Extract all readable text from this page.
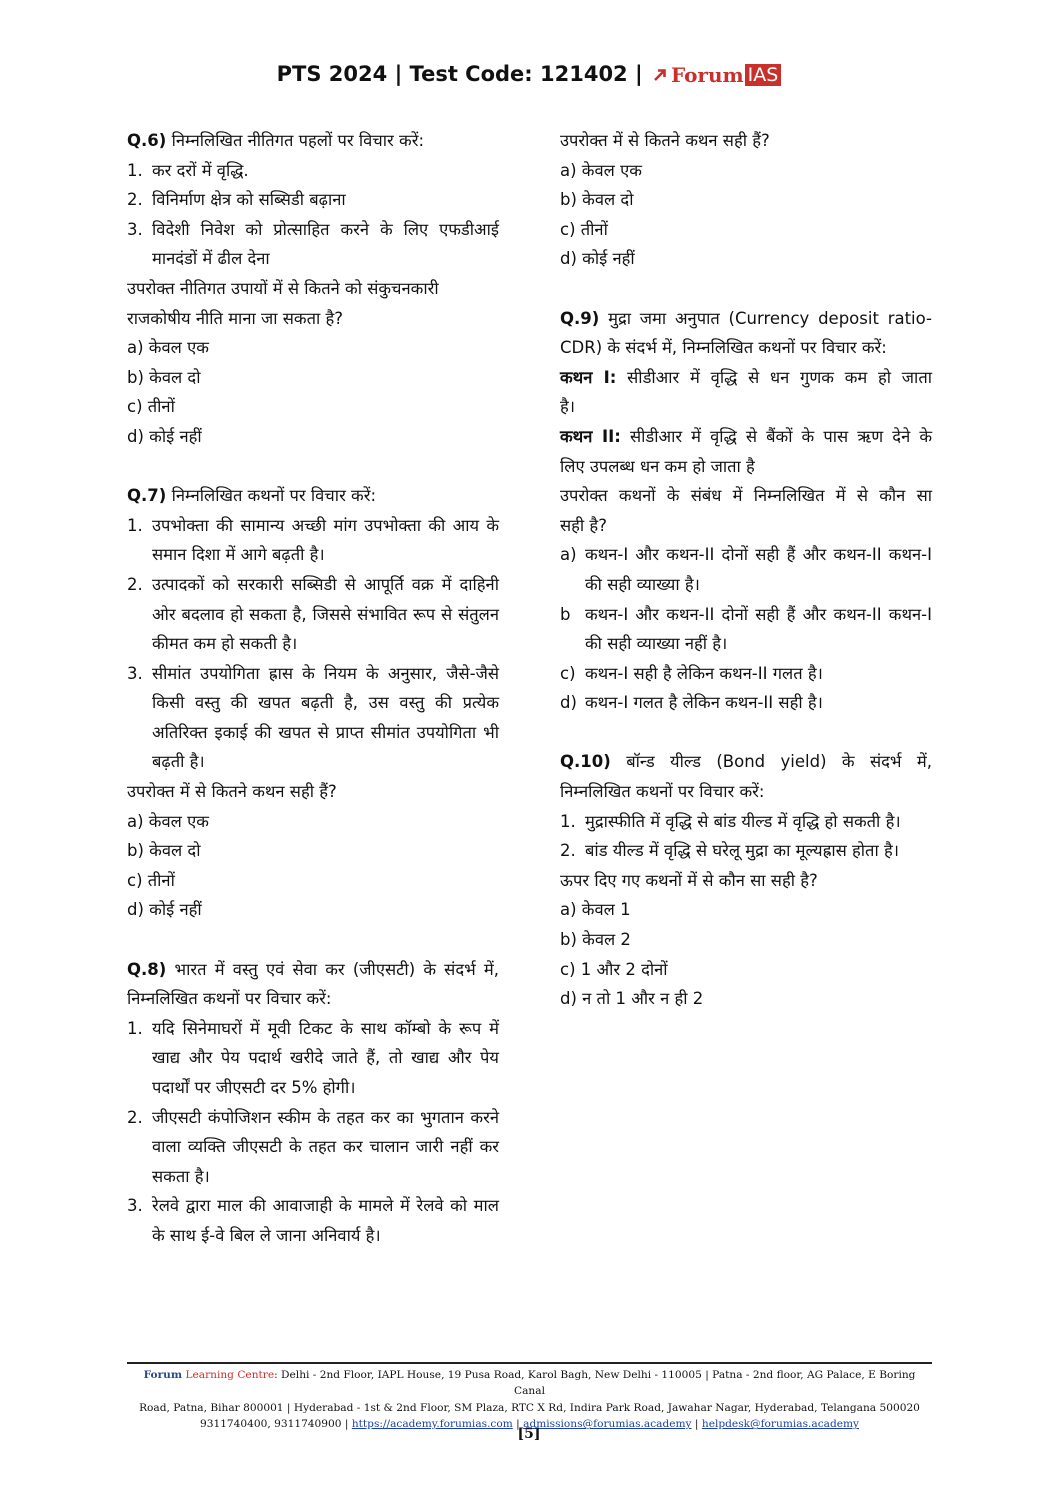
PTS 2024 | Test Code: 121402 | Forum IAS
Q.6) निम्नलिखित नीतिगत पहलों पर विचार करें:
1. कर दरों में वृद्धि.
2. विनिर्माण क्षेत्र को सब्सिडी बढ़ाना
3. विदेशी निवेश को प्रोत्साहित करने के लिए एफडीआई मानदंडों में ढील देना
उपरोक्त नीतिगत उपायों में से कितने को संकुचनकारी
राजकोषीय नीति माना जा सकता है?
a) केवल एक
b) केवल दो
c) तीनों
d) कोई नहीं
Q.7) निम्नलिखित कथनों पर विचार करें:
1. उपभोक्ता की सामान्य अच्छी मांग उपभोक्ता की आय के समान दिशा में आगे बढ़ती है।
2. उत्पादकों को सरकारी सब्सिडी से आपूर्ति वक्र में दाहिनी ओर बदलाव हो सकता है, जिससे संभावित रूप से संतुलन कीमत कम हो सकती है।
3. सीमांत उपयोगिता ह्रास के नियम के अनुसार, जैसे-जैसे किसी वस्तु की खपत बढ़ती है, उस वस्तु की प्रत्येक अतिरिक्त इकाई की खपत से प्राप्त सीमांत उपयोगिता भी बढ़ती है।
उपरोक्त में से कितने कथन सही हैं?
a) केवल एक
b) केवल दो
c) तीनों
d) कोई नहीं
Q.8) भारत में वस्तु एवं सेवा कर (जीएसटी) के संदर्भ में,
निम्नलिखित कथनों पर विचार करें:
1. यदि सिनेमाघरों में मूवी टिकट के साथ कॉम्बो के रूप में खाद्य और पेय पदार्थ खरीदे जाते हैं, तो खाद्य और पेय पदार्थों पर जीएसटी दर 5% होगी।
2. जीएसटी कंपोजिशन स्कीम के तहत कर का भुगतान करने वाला व्यक्ति जीएसटी के तहत कर चालान जारी नहीं कर सकता है।
3. रेलवे द्वारा माल की आवाजाही के मामले में रेलवे को माल के साथ ई-वे बिल ले जाना अनिवार्य है।
उपरोक्त में से कितने कथन सही हैं?
a) केवल एक
b) केवल दो
c) तीनों
d) कोई नहीं
Q.9) मुद्रा जमा अनुपात (Currency deposit ratio-
CDR) के संदर्भ में, निम्नलिखित कथनों पर विचार करें:
कथन I: सीडीआर में वृद्धि से धन गुणक कम हो जाता
है।
कथन II: सीडीआर में वृद्धि से बैंकों के पास ऋण देने के
लिए उपलब्ध धन कम हो जाता है
उपरोक्त कथनों के संबंध में निम्नलिखित में से कौन सा
सही है?
a) कथन-I और कथन-II दोनों सही हैं और कथन-II कथन-I की सही व्याख्या है।
b कथन-I और कथन-II दोनों सही हैं और कथन-II कथन-I की सही व्याख्या नहीं है।
c) कथन-I सही है लेकिन कथन-II गलत है।
d) कथन-I गलत है लेकिन कथन-II सही है।
Q.10) बॉन्ड यील्ड (Bond yield) के संदर्भ में,
निम्नलिखित कथनों पर विचार करें:
1. मुद्रास्फीति में वृद्धि से बांड यील्ड में वृद्धि हो सकती है।
2. बांड यील्ड में वृद्धि से घरेलू मुद्रा का मूल्यह्रास होता है।
ऊपर दिए गए कथनों में से कौन सा सही है?
a) केवल 1
b) केवल 2
c) 1 और 2 दोनों
d) न तो 1 और न ही 2
Forum Learning Centre: Delhi - 2nd Floor, IAPL House, 19 Pusa Road, Karol Bagh, New Delhi - 110005 | Patna - 2nd floor, AG Palace, E Boring Canal
Road, Patna, Bihar 800001 | Hyderabad - 1st & 2nd Floor, SM Plaza, RTC X Rd, Indira Park Road, Jawahar Nagar, Hyderabad, Telangana 500020
9311740400, 9311740900 | https://academy.forumias.com | admissions@forumias.academy | helpdesk@forumias.academy
[5]
